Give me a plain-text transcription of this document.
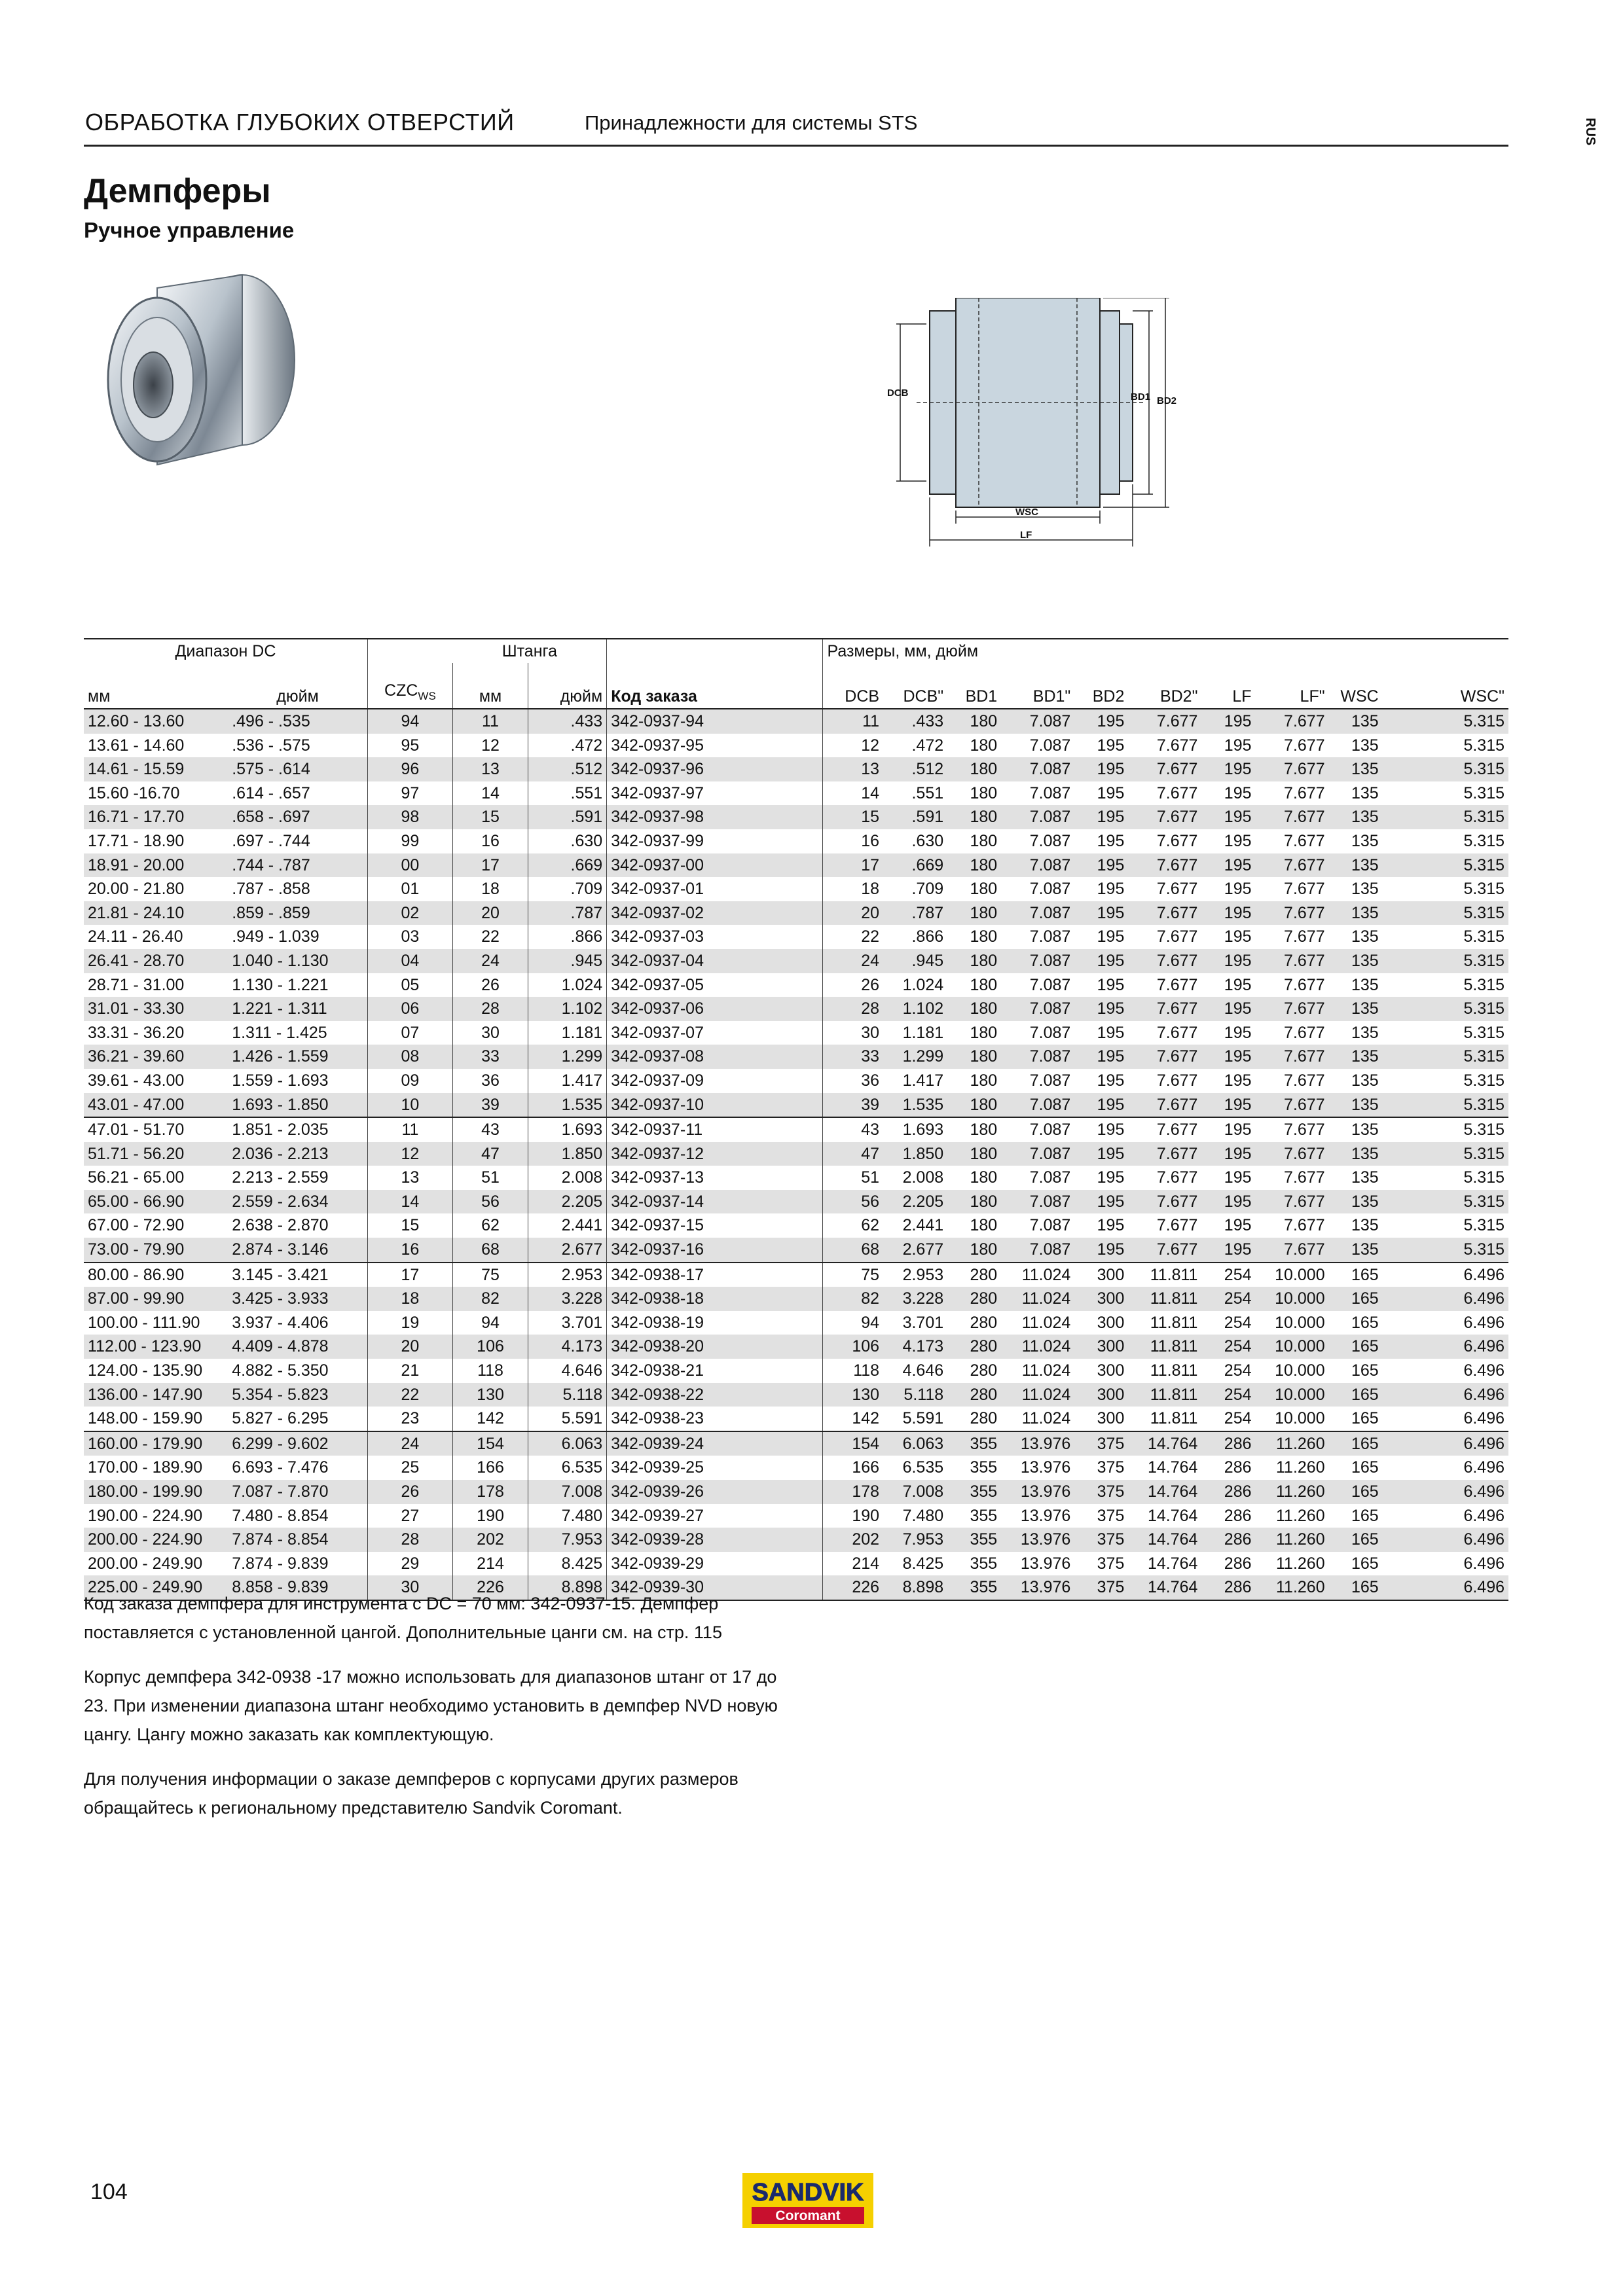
ОБРАБОТКА ГЛУБОКИХ ОТВЕРСТИЙ	Принадлежности для системы STS	RUS
Демпферы
Ручное управление
DCB	BD1 BD2
WSC
LF
Диапазон DC			Штанга			Размеры, мм, дюйм									
мм	дюйм	$CZC_{WS}$	мм	дюйм	Код заказа	DCB	DCB"	BD1	BD1"	BD2	BD2"	LF	LF"	WSC	WSC"
12.60 - 13.60	.496 - .535	94	11	.433	342-0937-94	11	.433	180	7.087	195	7.677	195	7.677	135	5.315
13.61 - 14.60	.536 - .575	95	12	.472	342-0937-95	12	.472	180	7.087	195	7.677	195	7.677	135	5.315
14.61 - 15.59	.575 - .614	96	13	.512	342-0937-96	13	.512	180	7.087	195	7.677	195	7.677	135	5.315
15.60 -16.70	.614 - .657	97	14	.551	342-0937-97	14	.551	180	7.087	195	7.677	195	7.677	135	5.315
16.71 - 17.70	.658 - .697	98	15	.591	342-0937-98	15	.591	180	7.087	195	7.677	195	7.677	135	5.315
17.71 - 18.90	.697 - .744	99	16	.630	342-0937-99	16	.630	180	7.087	195	7.677	195	7.677	135	5.315
18.91 - 20.00	.744 - .787	00	17	.669	342-0937-00	17	.669	180	7.087	195	7.677	195	7.677	135	5.315
20.00 - 21.80	.787 - .858	01	18	.709	342-0937-01	18	.709	180	7.087	195	7.677	195	7.677	135	5.315
21.81 - 24.10	.859 - .859	02	20	.787	342-0937-02	20	.787	180	7.087	195	7.677	195	7.677	135	5.315
24.11 - 26.40	.949 - 1.039	03	22	.866	342-0937-03	22	.866	180	7.087	195	7.677	195	7.677	135	5.315
26.41 - 28.70	1.040 - 1.130	04	24	.945	342-0937-04	24	.945	180	7.087	195	7.677	195	7.677	135	5.315
28.71 - 31.00	1.130 - 1.221	05	26	1.024	342-0937-05	26	1.024	180	7.087	195	7.677	195	7.677	135	5.315
31.01 - 33.30	1.221 - 1.311	06	28	1.102	342-0937-06	28	1.102	180	7.087	195	7.677	195	7.677	135	5.315
33.31 - 36.20	1.311 - 1.425	07	30	1.181	342-0937-07	30	1.181	180	7.087	195	7.677	195	7.677	135	5.315
36.21 - 39.60	1.426 - 1.559	08	33	1.299	342-0937-08	33	1.299	180	7.087	195	7.677	195	7.677	135	5.315
39.61 - 43.00	1.559 - 1.693	09	36	1.417	342-0937-09	36	1.417	180	7.087	195	7.677	195	7.677	135	5.315
43.01 - 47.00	1.693 - 1.850	10	39	1.535	342-0937-10	39	1.535	180	7.087	195	7.677	195	7.677	135	5.315
47.01 - 51.70	1.851 - 2.035	11	43	1.693	342-0937-11	43	1.693	180	7.087	195	7.677	195	7.677	135	5.315
51.71 - 56.20	2.036 - 2.213	12	47	1.850	342-0937-12	47	1.850	180	7.087	195	7.677	195	7.677	135	5.315
56.21 - 65.00	2.213 - 2.559	13	51	2.008	342-0937-13	51	2.008	180	7.087	195	7.677	195	7.677	135	5.315
65.00 - 66.90	2.559 - 2.634	14	56	2.205	342-0937-14	56	2.205	180	7.087	195	7.677	195	7.677	135	5.315
67.00 - 72.90	2.638 - 2.870	15	62	2.441	342-0937-15	62	2.441	180	7.087	195	7.677	195	7.677	135	5.315
73.00 - 79.90	2.874 - 3.146	16	68	2.677	342-0937-16	68	2.677	180	7.087	195	7.677	195	7.677	135	5.315
80.00 - 86.90	3.145 - 3.421	17	75	2.953	342-0938-17	75	2.953	280	11.024	300	11.811	254	10.000	165	6.496
87.00 - 99.90	3.425 - 3.933	18	82	3.228	342-0938-18	82	3.228	280	11.024	300	11.811	254	10.000	165	6.496
100.00 - 111.90	3.937 - 4.406	19	94	3.701	342-0938-19	94	3.701	280	11.024	300	11.811	254	10.000	165	6.496
112.00 - 123.90	4.409 - 4.878	20	106	4.173	342-0938-20	106	4.173	280	11.024	300	11.811	254	10.000	165	6.496
124.00 - 135.90	4.882 - 5.350	21	118	4.646	342-0938-21	118	4.646	280	11.024	300	11.811	254	10.000	165	6.496
136.00 - 147.90	5.354 - 5.823	22	130	5.118	342-0938-22	130	5.118	280	11.024	300	11.811	254	10.000	165	6.496
148.00 - 159.90	5.827 - 6.295	23	142	5.591	342-0938-23	142	5.591	280	11.024	300	11.811	254	10.000	165	6.496
160.00 - 179.90	6.299 - 9.602	24	154	6.063	342-0939-24	154	6.063	355	13.976	375	14.764	286	11.260	165	6.496
170.00 - 189.90	6.693 - 7.476	25	166	6.535	342-0939-25	166	6.535	355	13.976	375	14.764	286	11.260	165	6.496
180.00 - 199.90	7.087 - 7.870	26	178	7.008	342-0939-26	178	7.008	355	13.976	375	14.764	286	11.260	165	6.496
190.00 - 224.90	7.480 - 8.854	27	190	7.480	342-0939-27	190	7.480	355	13.976	375	14.764	286	11.260	165	6.496
200.00 - 224.90	7.874 - 8.854	28	202	7.953	342-0939-28	202	7.953	355	13.976	375	14.764	286	11.260	165	6.496
200.00 - 249.90	7.874 - 9.839	29	214	8.425	342-0939-29	214	8.425	355	13.976	375	14.764	286	11.260	165	6.496
225.00 - 249.90	8.858 - 9.839	30	226	8.898	342-0939-30	226	8.898	355	13.976	375	14.764	286	11.260	165	6.496
Код заказа демпфера для инструмента с DC = 70 мм: 342-0937-15. Демпфер поставляется с установленной цангой. Дополнительные цанги см. на стр. 115
Корпус демпфера 342-0938 -17 можно использовать для диапазонов штанг от 17 до 23. При изменении диапазона штанг необходимо установить в демпфер NVD новую цангу. Цангу можно заказать как комплектующую.
Для получения информации о заказе демпферов с корпусами других размеров обращайтесь к региональному представителю Sandvik Coromant.
104	SANDVIK
Coromant
